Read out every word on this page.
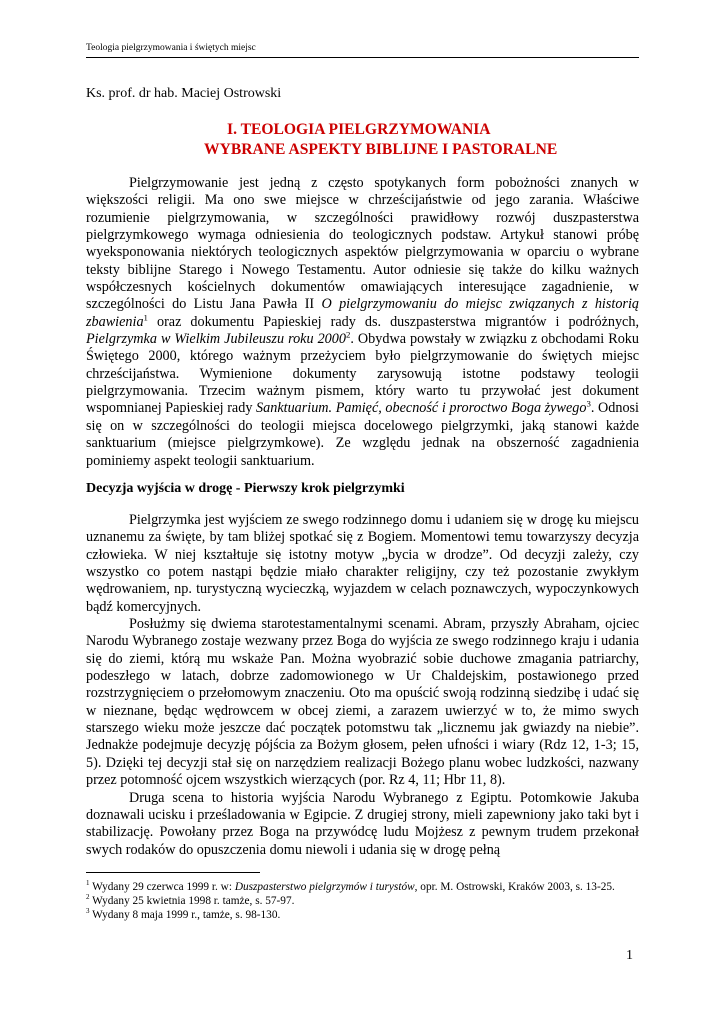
Teologia pielgrzymowania i świętych miejsc
Ks. prof. dr hab. Maciej Ostrowski
I. TEOLOGIA PIELGRZYMOWANIA
WYBRANE ASPEKTY BIBLIJNE I PASTORALNE

Pielgrzymowanie jest jedną z często spotykanych form pobożności znanych w większości religii. Ma ono swe miejsce w chrześcijaństwie od jego zarania. Właściwe rozumienie pielgrzymowania, w szczególności prawidłowy rozwój duszpasterstwa pielgrzymkowego wymaga odniesienia do teologicznych podstaw. Artykuł stanowi próbę wyeksponowania niektórych teologicznych aspektów pielgrzymowania w oparciu o wybrane teksty biblijne Starego i Nowego Testamentu. Autor odniesie się także do kilku ważnych współczesnych kościelnych dokumentów omawiających interesujące zagadnienie, w szczególności do Listu Jana Pawła II O pielgrzymowaniu do miejsc związanych z historią zbawienia$^1$ oraz dokumentu Papieskiej rady ds. duszpasterstwa migrantów i podróżnych, Pielgrzymka w Wielkim Jubileuszu roku 2000$^2$. Obydwa powstały w związku z obchodami Roku Świętego 2000, którego ważnym przeżyciem było pielgrzymowanie do świętych miejsc chrześcijaństwa. Wymienione dokumenty zarysowują istotne podstawy teologii pielgrzymowania. Trzecim ważnym pismem, który warto tu przywołać jest dokument wspomnianej Papieskiej rady Sanktuarium. Pamięć, obecność i proroctwo Boga żywego$^3$. Odnosi się on w szczególności do teologii miejsca docelowego pielgrzymki, jaką stanowi każde sanktuarium (miejsce pielgrzymkowe). Ze względu jednak na obszerność zagadnienia pominiemy aspekt teologii sanktuarium.

Decyzja wyjścia w drogę - Pierwszy krok pielgrzymki

Pielgrzymka jest wyjściem ze swego rodzinnego domu i udaniem się w drogę ku miejscu uznanemu za święte, by tam bliżej spotkać się z Bogiem. Momentowi temu towarzyszy decyzja człowieka. W niej kształtuje się istotny motyw „bycia w drodze”. Od decyzji zależy, czy wszystko co potem nastąpi będzie miało charakter religijny, czy też pozostanie zwykłym wędrowaniem, np. turystyczną wycieczką, wyjazdem w celach poznawczych, wypoczynkowych bądź komercyjnych.

Posłużmy się dwiema starotestamentalnymi scenami. Abram, przyszły Abraham, ojciec Narodu Wybranego zostaje wezwany przez Boga do wyjścia ze swego rodzinnego kraju i udania się do ziemi, którą mu wskaże Pan. Można wyobrazić sobie duchowe zmagania patriarchy, podeszłego w latach, dobrze zadomowionego w Ur Chaldejskim, postawionego przed rozstrzygnięciem o przełomowym znaczeniu. Oto ma opuścić swoją rodzinną siedzibę i udać się w nieznane, będąc wędrowcem w obcej ziemi, a zarazem uwierzyć w to, że mimo swych starszego wieku może jeszcze dać początek potomstwu tak „licznemu jak gwiazdy na niebie”. Jednakże podejmuje decyzję pójścia za Bożym głosem, pełen ufności i wiary (Rdz 12, 1-3; 15, 5). Dzięki tej decyzji stał się on narzędziem realizacji Bożego planu wobec ludzkości, nazwany przez potomność ojcem wszystkich wierzących (por. Rz 4, 11; Hbr 11, 8).

Druga scena to historia wyjścia Narodu Wybranego z Egiptu. Potomkowie Jakuba doznawali ucisku i prześladowania w Egipcie. Z drugiej strony, mieli zapewniony jako taki byt i stabilizację. Powołany przez Boga na przywódcę ludu Mojżesz z pewnym trudem przekonał swych rodaków do opuszczenia domu niewoli i udania się w drogę pełną

$^1$ Wydany 29 czerwca 1999 r. w: Duszpasterstwo pielgrzymów i turystów, opr. M. Ostrowski, Kraków 2003, s. 13-25.
$^2$ Wydany 25 kwietnia 1998 r. tamże, s. 57-97.
$^3$ Wydany 8 maja 1999 r., tamże, s. 98-130.
1
